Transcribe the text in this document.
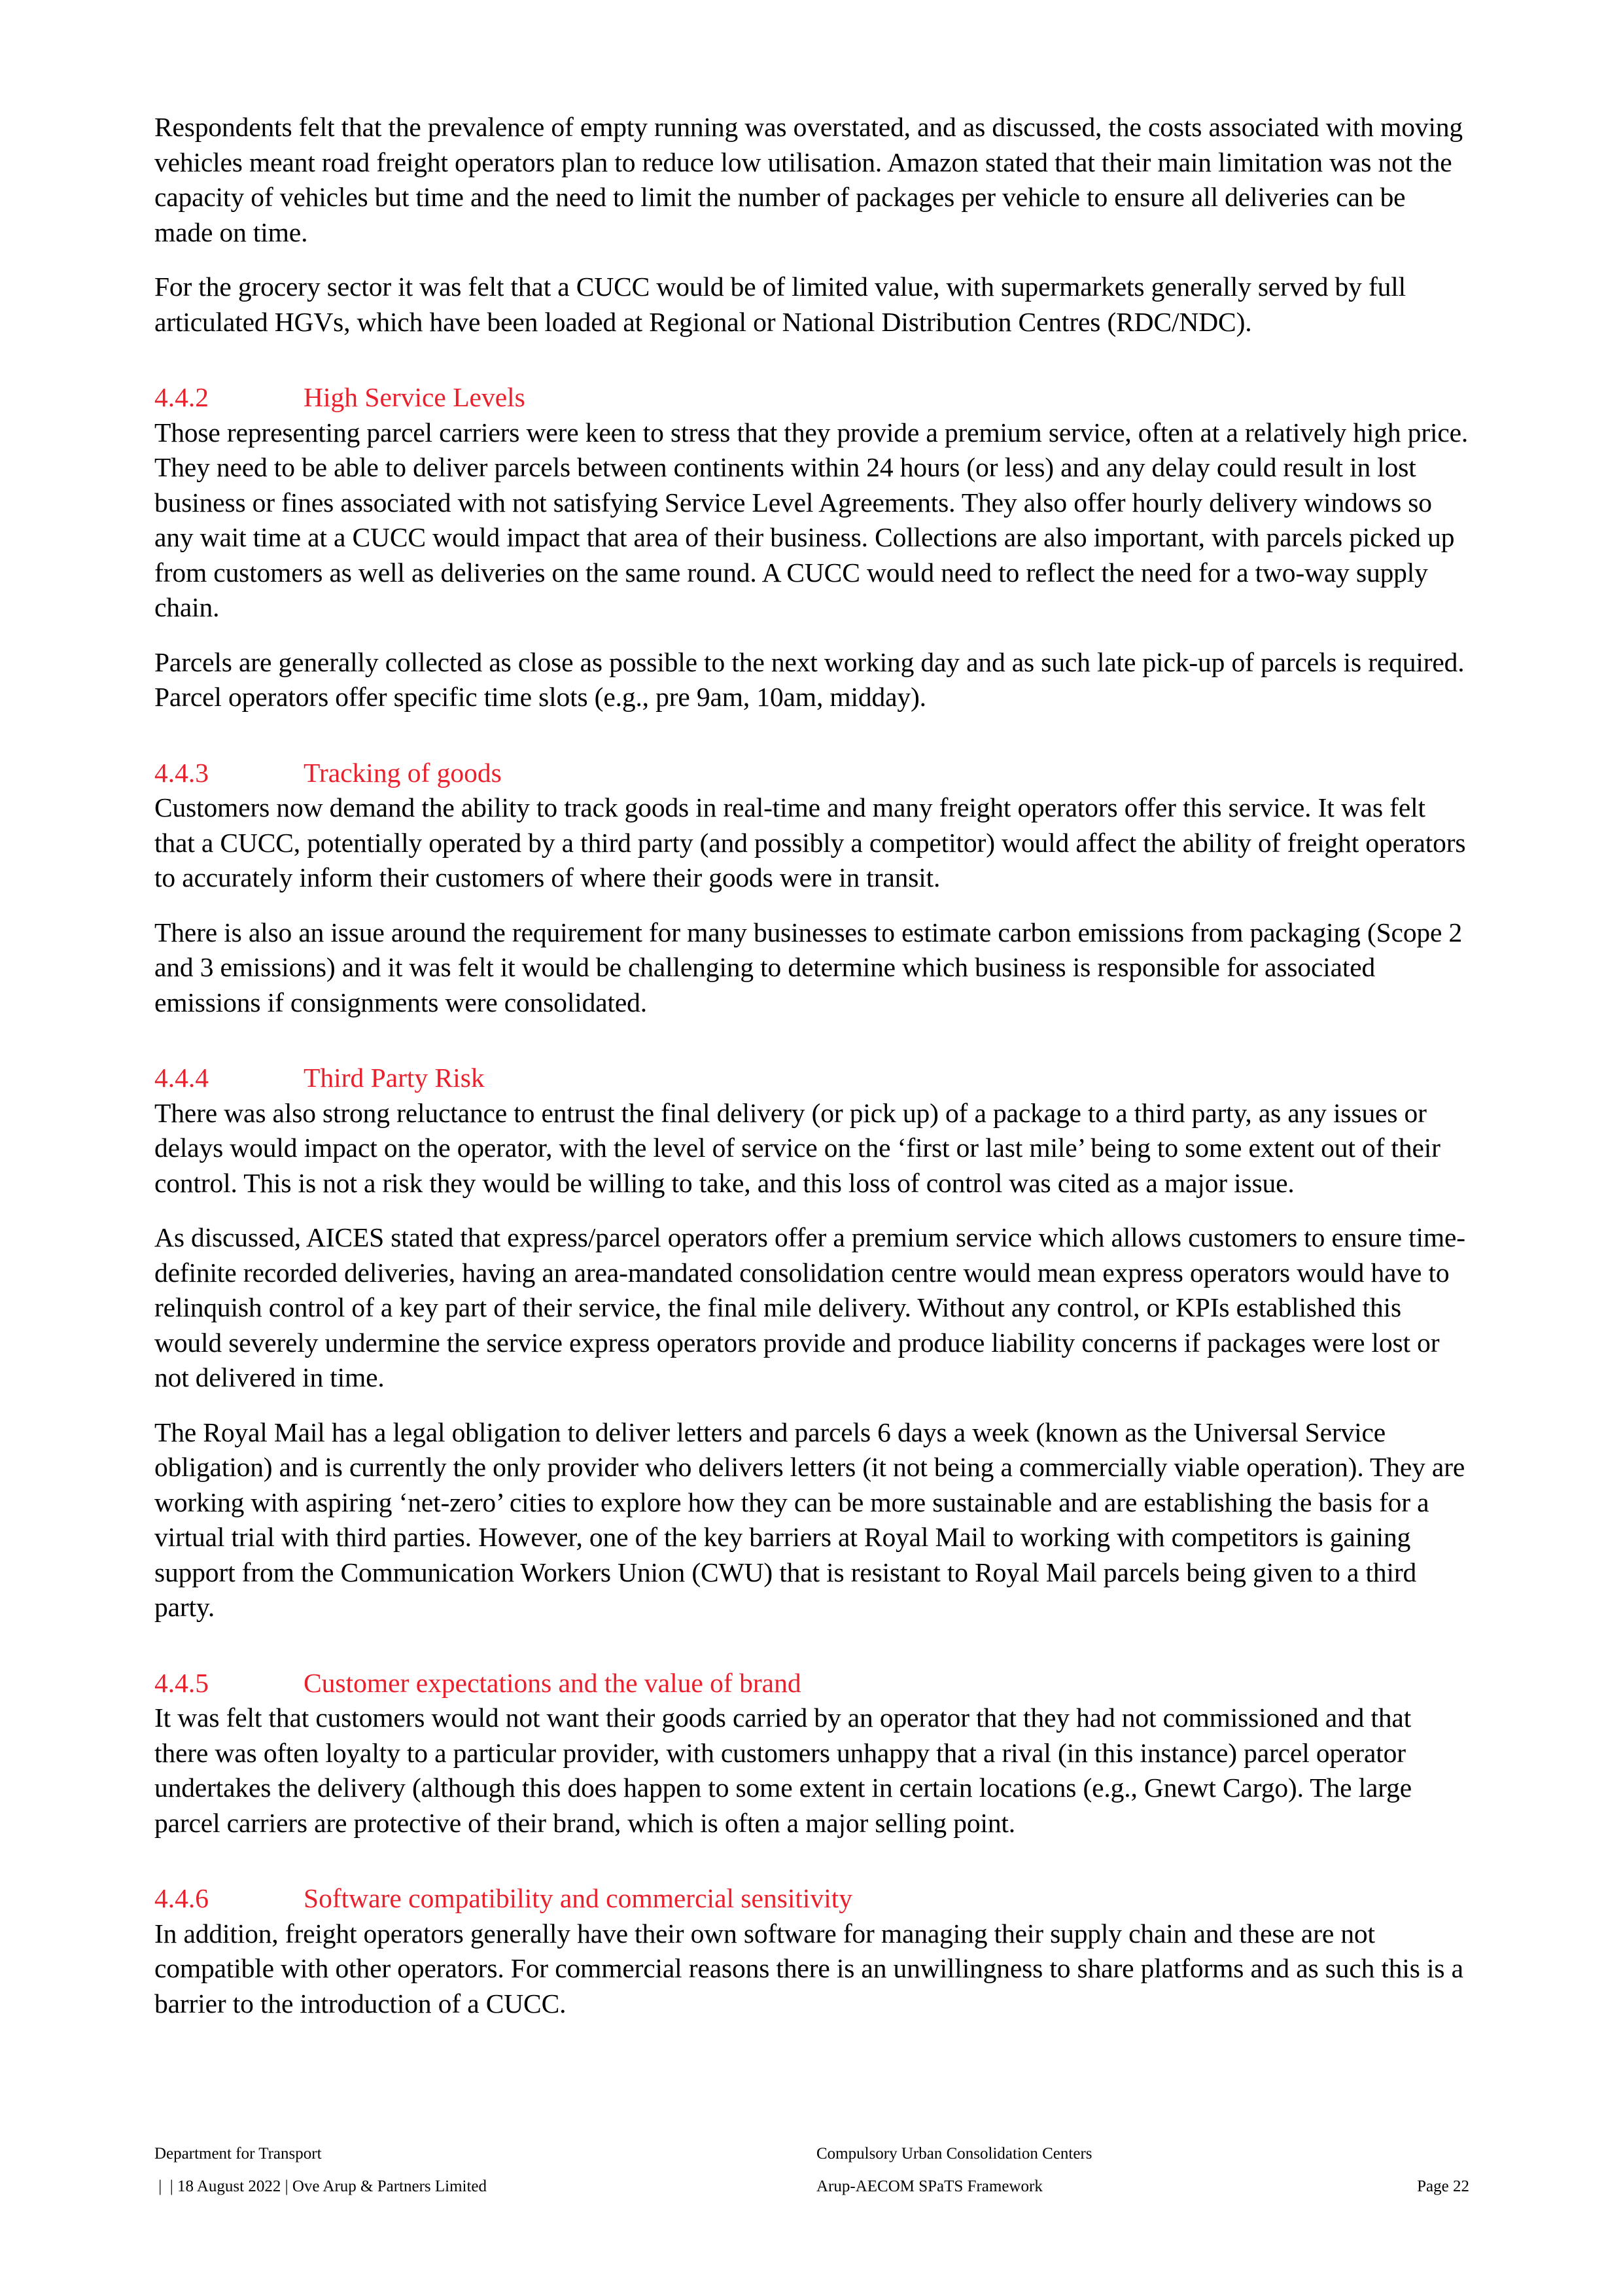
Respondents felt that the prevalence of empty running was overstated, and as discussed, the costs associated with moving vehicles meant road freight operators plan to reduce low utilisation. Amazon stated that their main limitation was not the capacity of vehicles but time and the need to limit the number of packages per vehicle to ensure all deliveries can be made on time.

For the grocery sector it was felt that a CUCC would be of limited value, with supermarkets generally served by full articulated HGVs, which have been loaded at Regional or National Distribution Centres (RDC/NDC).

4.4.2	High Service Levels

Those representing parcel carriers were keen to stress that they provide a premium service, often at a relatively high price. They need to be able to deliver parcels between continents within 24 hours (or less) and any delay could result in lost business or fines associated with not satisfying Service Level Agreements. They also offer hourly delivery windows so any wait time at a CUCC would impact that area of their business. Collections are also important, with parcels picked up from customers as well as deliveries on the same round. A CUCC would need to reflect the need for a two-way supply chain.

Parcels are generally collected as close as possible to the next working day and as such late pick-up of parcels is required. Parcel operators offer specific time slots (e.g., pre 9am, 10am, midday).

4.4.3	Tracking of goods

Customers now demand the ability to track goods in real-time and many freight operators offer this service. It was felt that a CUCC, potentially operated by a third party (and possibly a competitor) would affect the ability of freight operators to accurately inform their customers of where their goods were in transit.

There is also an issue around the requirement for many businesses to estimate carbon emissions from packaging (Scope 2 and 3 emissions) and it was felt it would be challenging to determine which business is responsible for associated emissions if consignments were consolidated.

4.4.4	Third Party Risk

There was also strong reluctance to entrust the final delivery (or pick up) of a package to a third party, as any issues or delays would impact on the operator, with the level of service on the ‘first or last mile’ being to some extent out of their control. This is not a risk they would be willing to take, and this loss of control was cited as a major issue.

As discussed, AICES stated that express/parcel operators offer a premium service which allows customers to ensure time-definite recorded deliveries, having an area-mandated consolidation centre would mean express operators would have to relinquish control of a key part of their service, the final mile delivery. Without any control, or KPIs established this would severely undermine the service express operators provide and produce liability concerns if packages were lost or not delivered in time.

The Royal Mail has a legal obligation to deliver letters and parcels 6 days a week (known as the Universal Service obligation) and is currently the only provider who delivers letters (it not being a commercially viable operation). They are working with aspiring ‘net-zero’ cities to explore how they can be more sustainable and are establishing the basis for a virtual trial with third parties. However, one of the key barriers at Royal Mail to working with competitors is gaining support from the Communication Workers Union (CWU) that is resistant to Royal Mail parcels being given to a third party.

4.4.5	Customer expectations and the value of brand

It was felt that customers would not want their goods carried by an operator that they had not commissioned and that there was often loyalty to a particular provider, with customers unhappy that a rival (in this instance) parcel operator undertakes the delivery (although this does happen to some extent in certain locations (e.g., Gnewt Cargo). The large parcel carriers are protective of their brand, which is often a major selling point.

4.4.6	Software compatibility and commercial sensitivity

In addition, freight operators generally have their own software for managing their supply chain and these are not compatible with other operators. For commercial reasons there is an unwillingness to share platforms and as such this is a barrier to the introduction of a CUCC.

Department for Transport	Compulsory Urban Consolidation Centers
|  | 18 August 2022 | Ove Arup & Partners Limited	Arup-AECOM SPaTS Framework	Page 22
